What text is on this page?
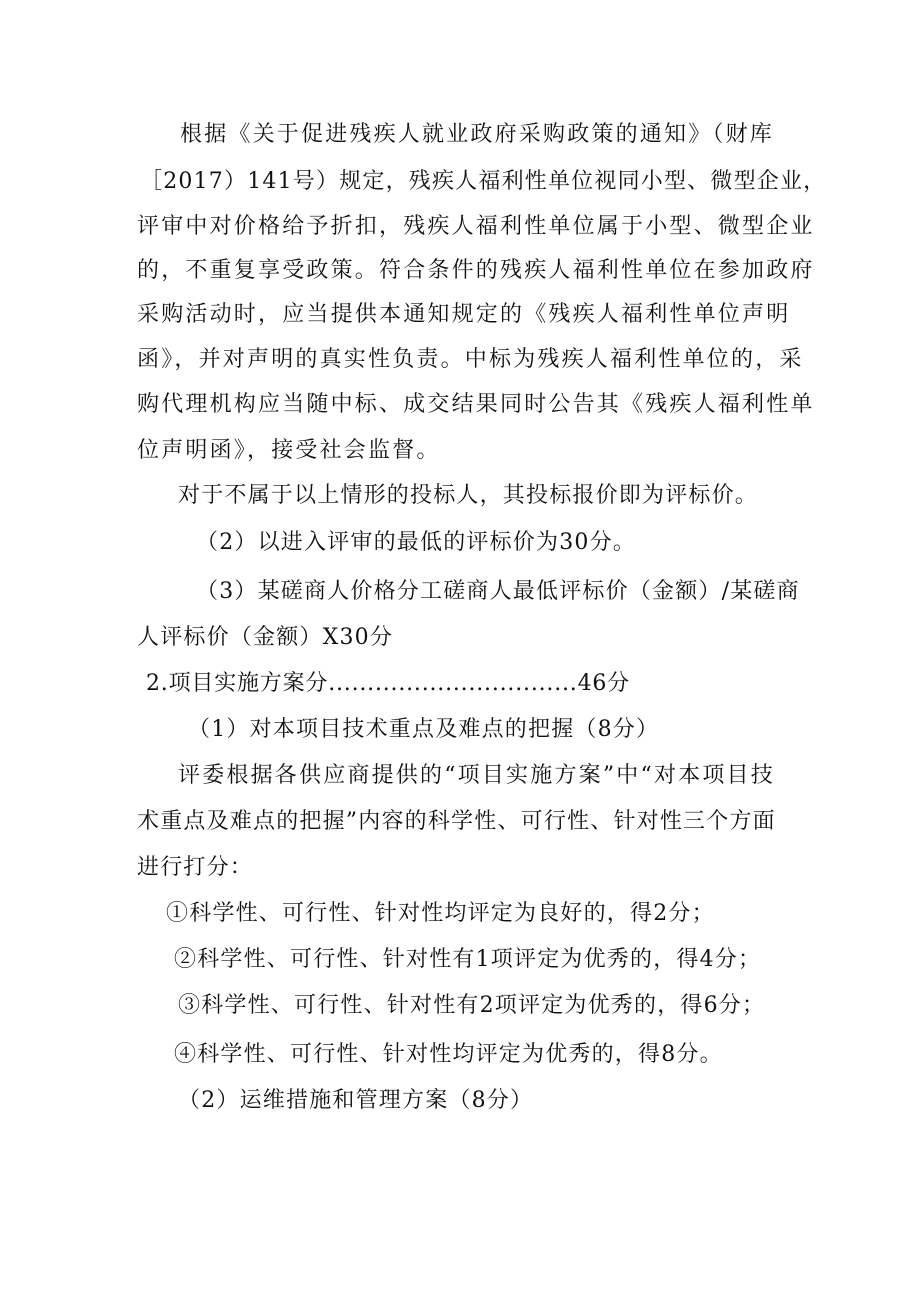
根据《关于促进残疾人就业政府采购政策的通知》（财库
［2017）141号）规定，残疾人福利性单位视同小型、微型企业，
评审中对价格给予折扣，残疾人福利性单位属于小型、微型企业
的，不重复享受政策。符合条件的残疾人福利性单位在参加政府
采购活动时，应当提供本通知规定的《残疾人福利性单位声明
函》，并对声明的真实性负责。中标为残疾人福利性单位的，采
购代理机构应当随中标、成交结果同时公告其《残疾人福利性单
位声明函》，接受社会监督。
对于不属于以上情形的投标人，其投标报价即为评标价。
（2）以进入评审的最低的评标价为30分。
（3）某磋商人价格分工磋商人最低评标价（金额）/某磋商
人评标价（金额）X30分
2.项目实施方案分................................46分
（1）对本项目技术重点及难点的把握（8分）
评委根据各供应商提供的“项目实施方案”中“对本项目技
术重点及难点的把握”内容的科学性、可行性、针对性三个方面
进行打分：
①科学性、可行性、针对性均评定为良好的，得2分；
②科学性、可行性、针对性有1项评定为优秀的，得4分；
③科学性、可行性、针对性有2项评定为优秀的，得6分；
④科学性、可行性、针对性均评定为优秀的，得8分。
（2）运维措施和管理方案（8分）
